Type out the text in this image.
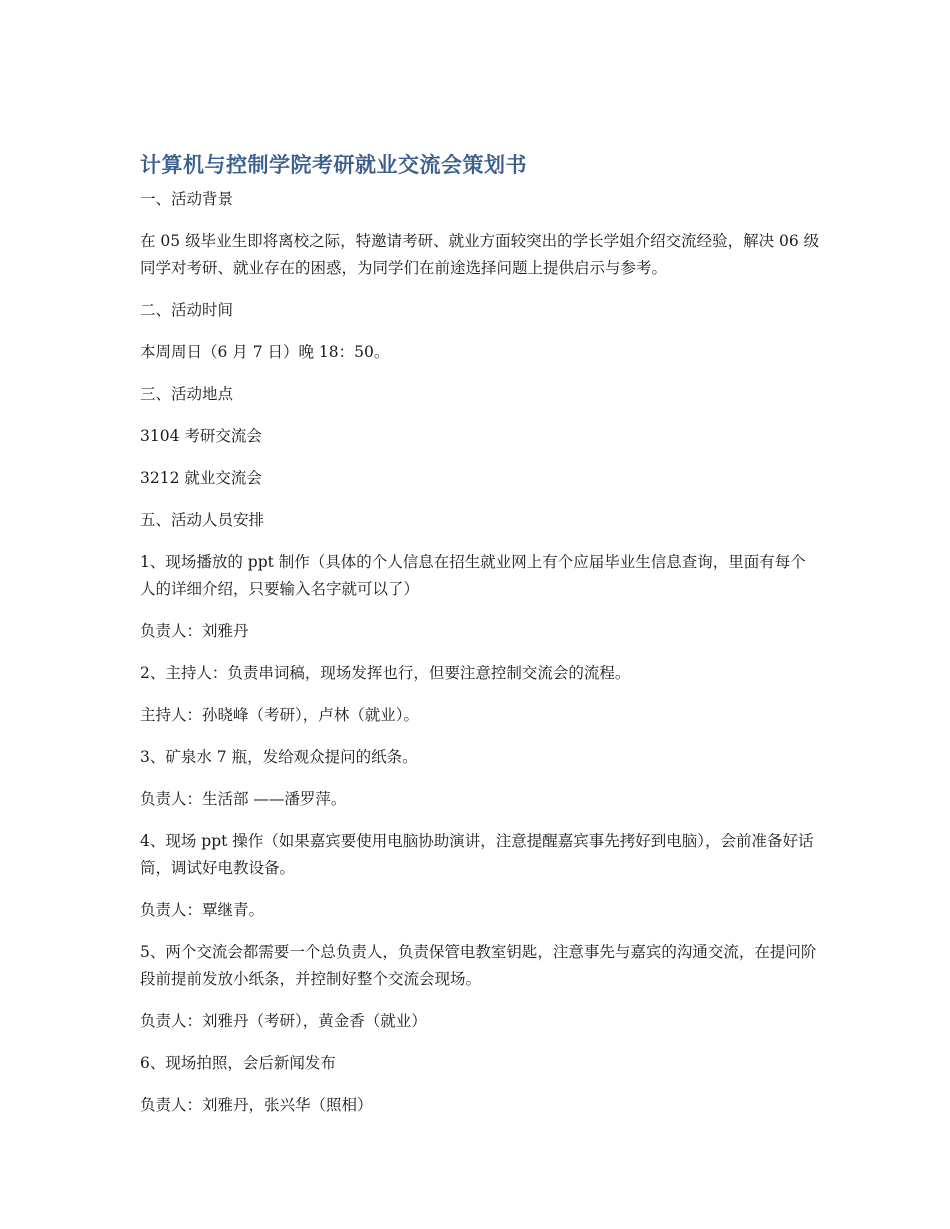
计算机与控制学院考研就业交流会策划书

一、活动背景

在 05 级毕业生即将离校之际，特邀请考研、就业方面较突出的学长学姐介绍交流经验，解决 06 级同学对考研、就业存在的困惑，为同学们在前途选择问题上提供启示与参考。

二、活动时间

本周周日（6 月 7 日）晚 18：50。

三、活动地点

3104 考研交流会

3212 就业交流会

五、活动人员安排

1、现场播放的 ppt 制作（具体的个人信息在招生就业网上有个应届毕业生信息查询，里面有每个人的详细介绍，只要输入名字就可以了）

负责人：刘雅丹

2、主持人：负责串词稿，现场发挥也行，但要注意控制交流会的流程。

主持人：孙晓峰（考研），卢林（就业）。

3、矿泉水 7 瓶，发给观众提问的纸条。

负责人：生活部 ——潘罗萍。

4、现场 ppt 操作（如果嘉宾要使用电脑协助演讲，注意提醒嘉宾事先拷好到电脑），会前准备好话筒，调试好电教设备。

负责人：覃继青。

5、两个交流会都需要一个总负责人，负责保管电教室钥匙，注意事先与嘉宾的沟通交流，在提问阶段前提前发放小纸条，并控制好整个交流会现场。

负责人：刘雅丹（考研），黄金香（就业）

6、现场拍照，会后新闻发布

负责人：刘雅丹，张兴华（照相）
